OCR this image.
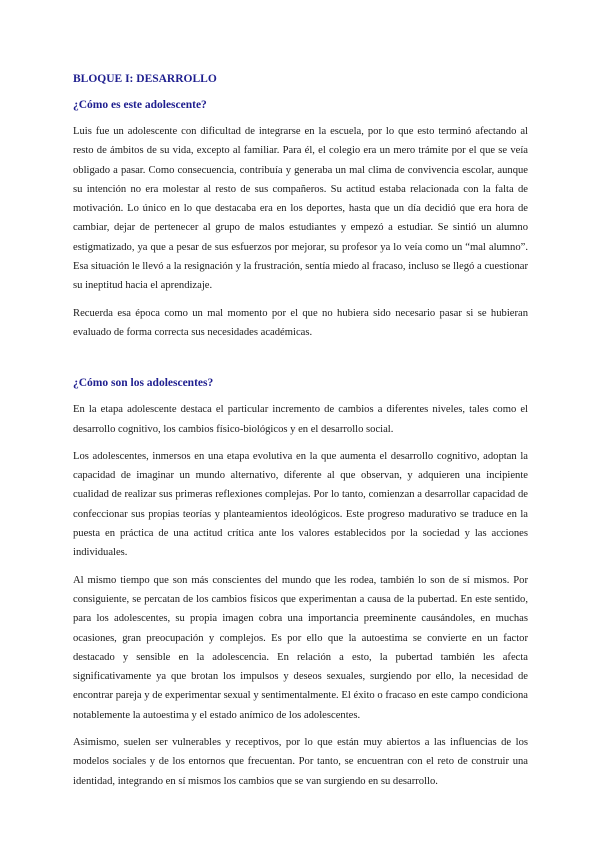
BLOQUE I: DESARROLLO
¿Cómo es este adolescente?

Luis fue un adolescente con dificultad de integrarse en la escuela, por lo que esto terminó afectando al resto de ámbitos de su vida, excepto al familiar. Para él, el colegio era un mero trámite por el que se veía obligado a pasar. Como consecuencia, contribuía y generaba un mal clima de convivencia escolar, aunque su intención no era molestar al resto de sus compañeros. Su actitud estaba relacionada con la falta de motivación. Lo único en lo que destacaba era en los deportes, hasta que un día decidió que era hora de cambiar, dejar de pertenecer al grupo de malos estudiantes y empezó a estudiar. Se sintió un alumno estigmatizado, ya que a pesar de sus esfuerzos por mejorar, su profesor ya lo veía como un “mal alumno”. Esa situación le llevó a la resignación y la frustración, sentía miedo al fracaso, incluso se llegó a cuestionar su ineptitud hacia el aprendizaje.

Recuerda esa época como un mal momento por el que no hubiera sido necesario pasar si se hubieran evaluado de forma correcta sus necesidades académicas.

¿Cómo son los adolescentes?

En la etapa adolescente destaca el particular incremento de cambios a diferentes niveles, tales como el desarrollo cognitivo, los cambios físico-biológicos y en el desarrollo social.

Los adolescentes, inmersos en una etapa evolutiva en la que aumenta el desarrollo cognitivo, adoptan la capacidad de imaginar un mundo alternativo, diferente al que observan, y adquieren una incipiente cualidad de realizar sus primeras reflexiones complejas. Por lo tanto, comienzan a desarrollar capacidad de confeccionar sus propias teorías y planteamientos ideológicos. Este progreso madurativo se traduce en la puesta en práctica de una actitud crítica ante los valores establecidos por la sociedad y las acciones individuales.

Al mismo tiempo que son más conscientes del mundo que les rodea, también lo son de sí mismos. Por consiguiente, se percatan de los cambios físicos que experimentan a causa de la pubertad. En este sentido, para los adolescentes, su propia imagen cobra una importancia preeminente causándoles, en muchas ocasiones, gran preocupación y complejos. Es por ello que la autoestima se convierte en un factor destacado y sensible en la adolescencia. En relación a esto, la pubertad también les afecta significativamente ya que brotan los impulsos y deseos sexuales, surgiendo por ello, la necesidad de encontrar pareja y de experimentar sexual y sentimentalmente. El éxito o fracaso en este campo condiciona notablemente la autoestima y el estado anímico de los adolescentes.

Asimismo, suelen ser vulnerables y receptivos, por lo que están muy abiertos a las influencias de los modelos sociales y de los entornos que frecuentan. Por tanto, se encuentran con el reto de construir una identidad, integrando en sí mismos los cambios que se van surgiendo en su desarrollo.
